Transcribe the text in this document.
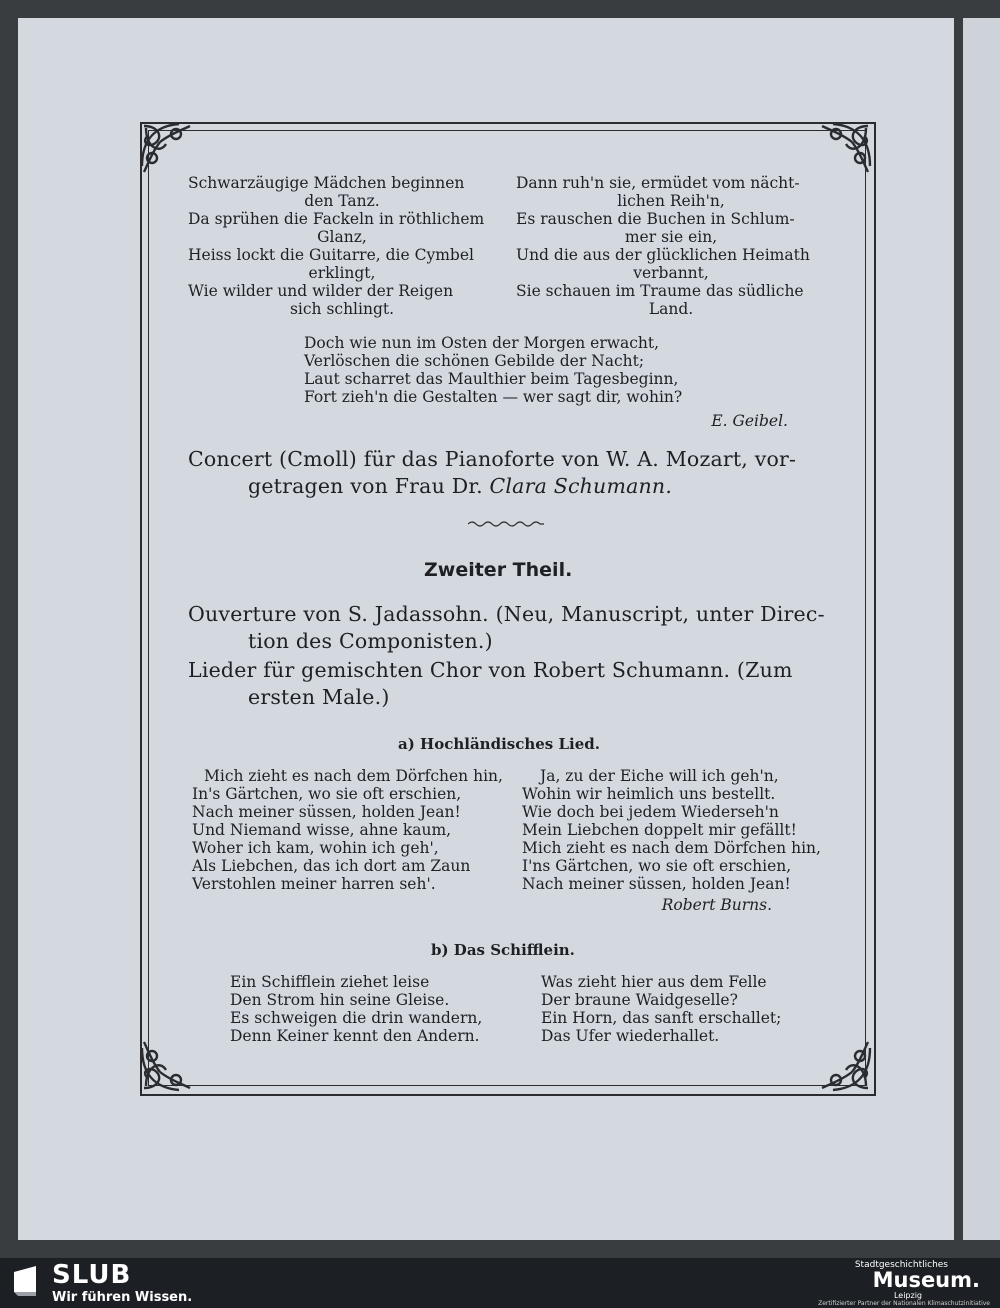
Schwarzäugige Mädchen beginnen
den Tanz.
Da sprühen die Fackeln in röthlichem
Glanz,
Heiss lockt die Guitarre, die Cymbel
erklingt,
Wie wilder und wilder der Reigen
sich schlingt.
Dann ruh'n sie, ermüdet vom nächt-
lichen Reih'n,
Es rauschen die Buchen in Schlum-
mer sie ein,
Und die aus der glücklichen Heimath
verbannt,
Sie schauen im Traume das südliche
Land.
Doch wie nun im Osten der Morgen erwacht,
Verlöschen die schönen Gebilde der Nacht;
Laut scharret das Maulthier beim Tagesbeginn,
Fort zieh'n die Gestalten — wer sagt dir, wohin?
E. Geibel.
Concert (Cmoll) für das Pianoforte von W. A. Mozart, vor-
getragen von Frau Dr. Clara Schumann.
Zweiter Theil.
Ouverture von S. Jadassohn. (Neu, Manuscript, unter Direc-
tion des Componisten.)
Lieder für gemischten Chor von Robert Schumann. (Zum
ersten Male.)
a) Hochländisches Lied.
Mich zieht es nach dem Dörfchen hin,
In's Gärtchen, wo sie oft erschien,
Nach meiner süssen, holden Jean!
Und Niemand wisse, ahne kaum,
Woher ich kam, wohin ich geh',
Als Liebchen, das ich dort am Zaun
Verstohlen meiner harren seh'.
Ja, zu der Eiche will ich geh'n,
Wohin wir heimlich uns bestellt.
Wie doch bei jedem Wiederseh'n
Mein Liebchen doppelt mir gefällt!
Mich zieht es nach dem Dörfchen hin,
I'ns Gärtchen, wo sie oft erschien,
Nach meiner süssen, holden Jean!
Robert Burns.
b) Das Schifflein.
Ein Schifflein ziehet leise
Den Strom hin seine Gleise.
Es schweigen die drin wandern,
Denn Keiner kennt den Andern.
Was zieht hier aus dem Felle
Der braune Waidgeselle?
Ein Horn, das sanft erschallet;
Das Ufer wiederhallet.
SLUB
Wir führen Wissen.
Stadtgeschichtliches
Museum.
Leipzig
Zertifizierter Partner der Nationalen Klimaschutzinitiative
